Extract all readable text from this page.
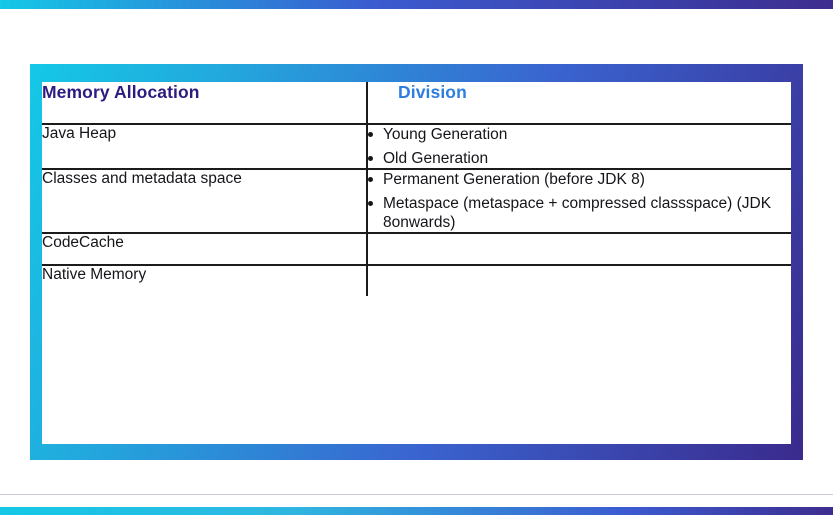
Memory Allocation	Division
Java Heap	Young Generation
Old Generation

Classes and metadata space	Permanent Generation (before JDK 8)
Metaspace (metaspace + compressed classspace) (JDK 8onwards)

CodeCache	

Native Memory	
